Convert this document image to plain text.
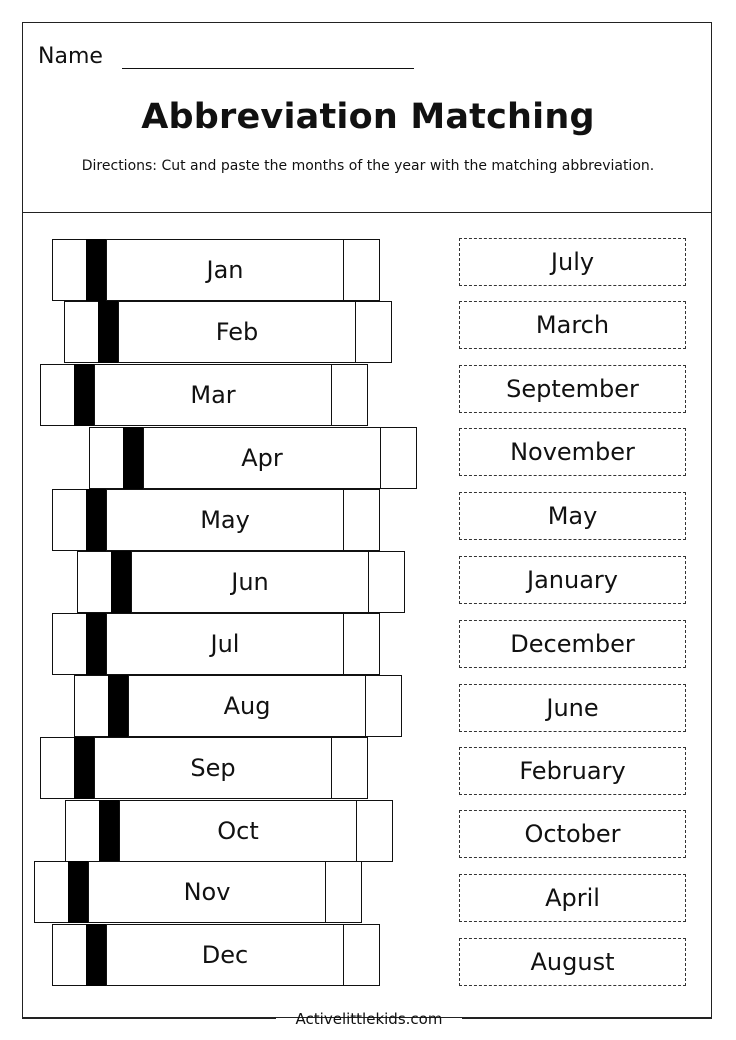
Name
Abbreviation Matching
Directions: Cut and paste the months of the year with the matching abbreviation.
Jan
Feb
Mar
Apr
May
Jun
Jul
Aug
Sep
Oct
Nov
Dec
July
March
September
November
May
January
December
June
February
October
April
August
Activelittlekids.com
